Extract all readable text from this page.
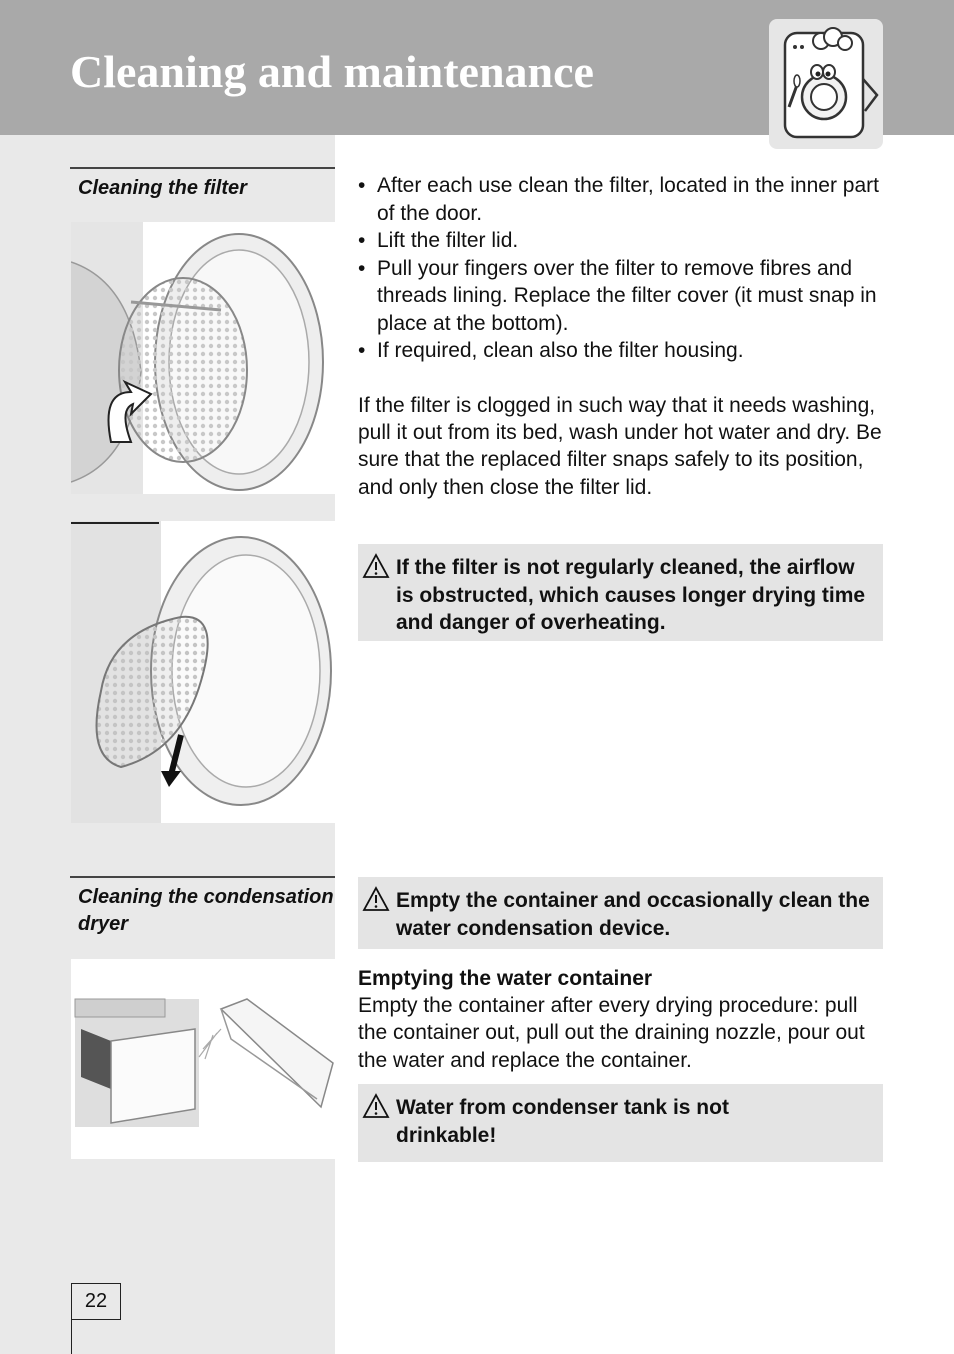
Cleaning and maintenance
Cleaning the filter
Cleaning the condensation dryer
• After each use clean the filter, located in the inner part of the door.
• Lift the filter lid.
• Pull your fingers over the filter to remove fibres and threads lining. Replace the filter cover (it must snap in place at the bottom).
• If required, clean also the filter housing.

If the filter is clogged in such way that it needs washing, pull it out from its bed, wash under hot water and dry. Be sure that the replaced filter snaps safely to its position, and only then close the filter lid.

If the filter is not regularly cleaned, the airflow is obstructed, which causes longer drying time and danger of overheating.
Empty the container and occasionally clean the water condensation device.
Emptying the water container
Empty the container after every drying procedure: pull the container out, pull out the draining nozzle, pour out the water and replace the container.
Water from condenser tank is not drinkable!
22
